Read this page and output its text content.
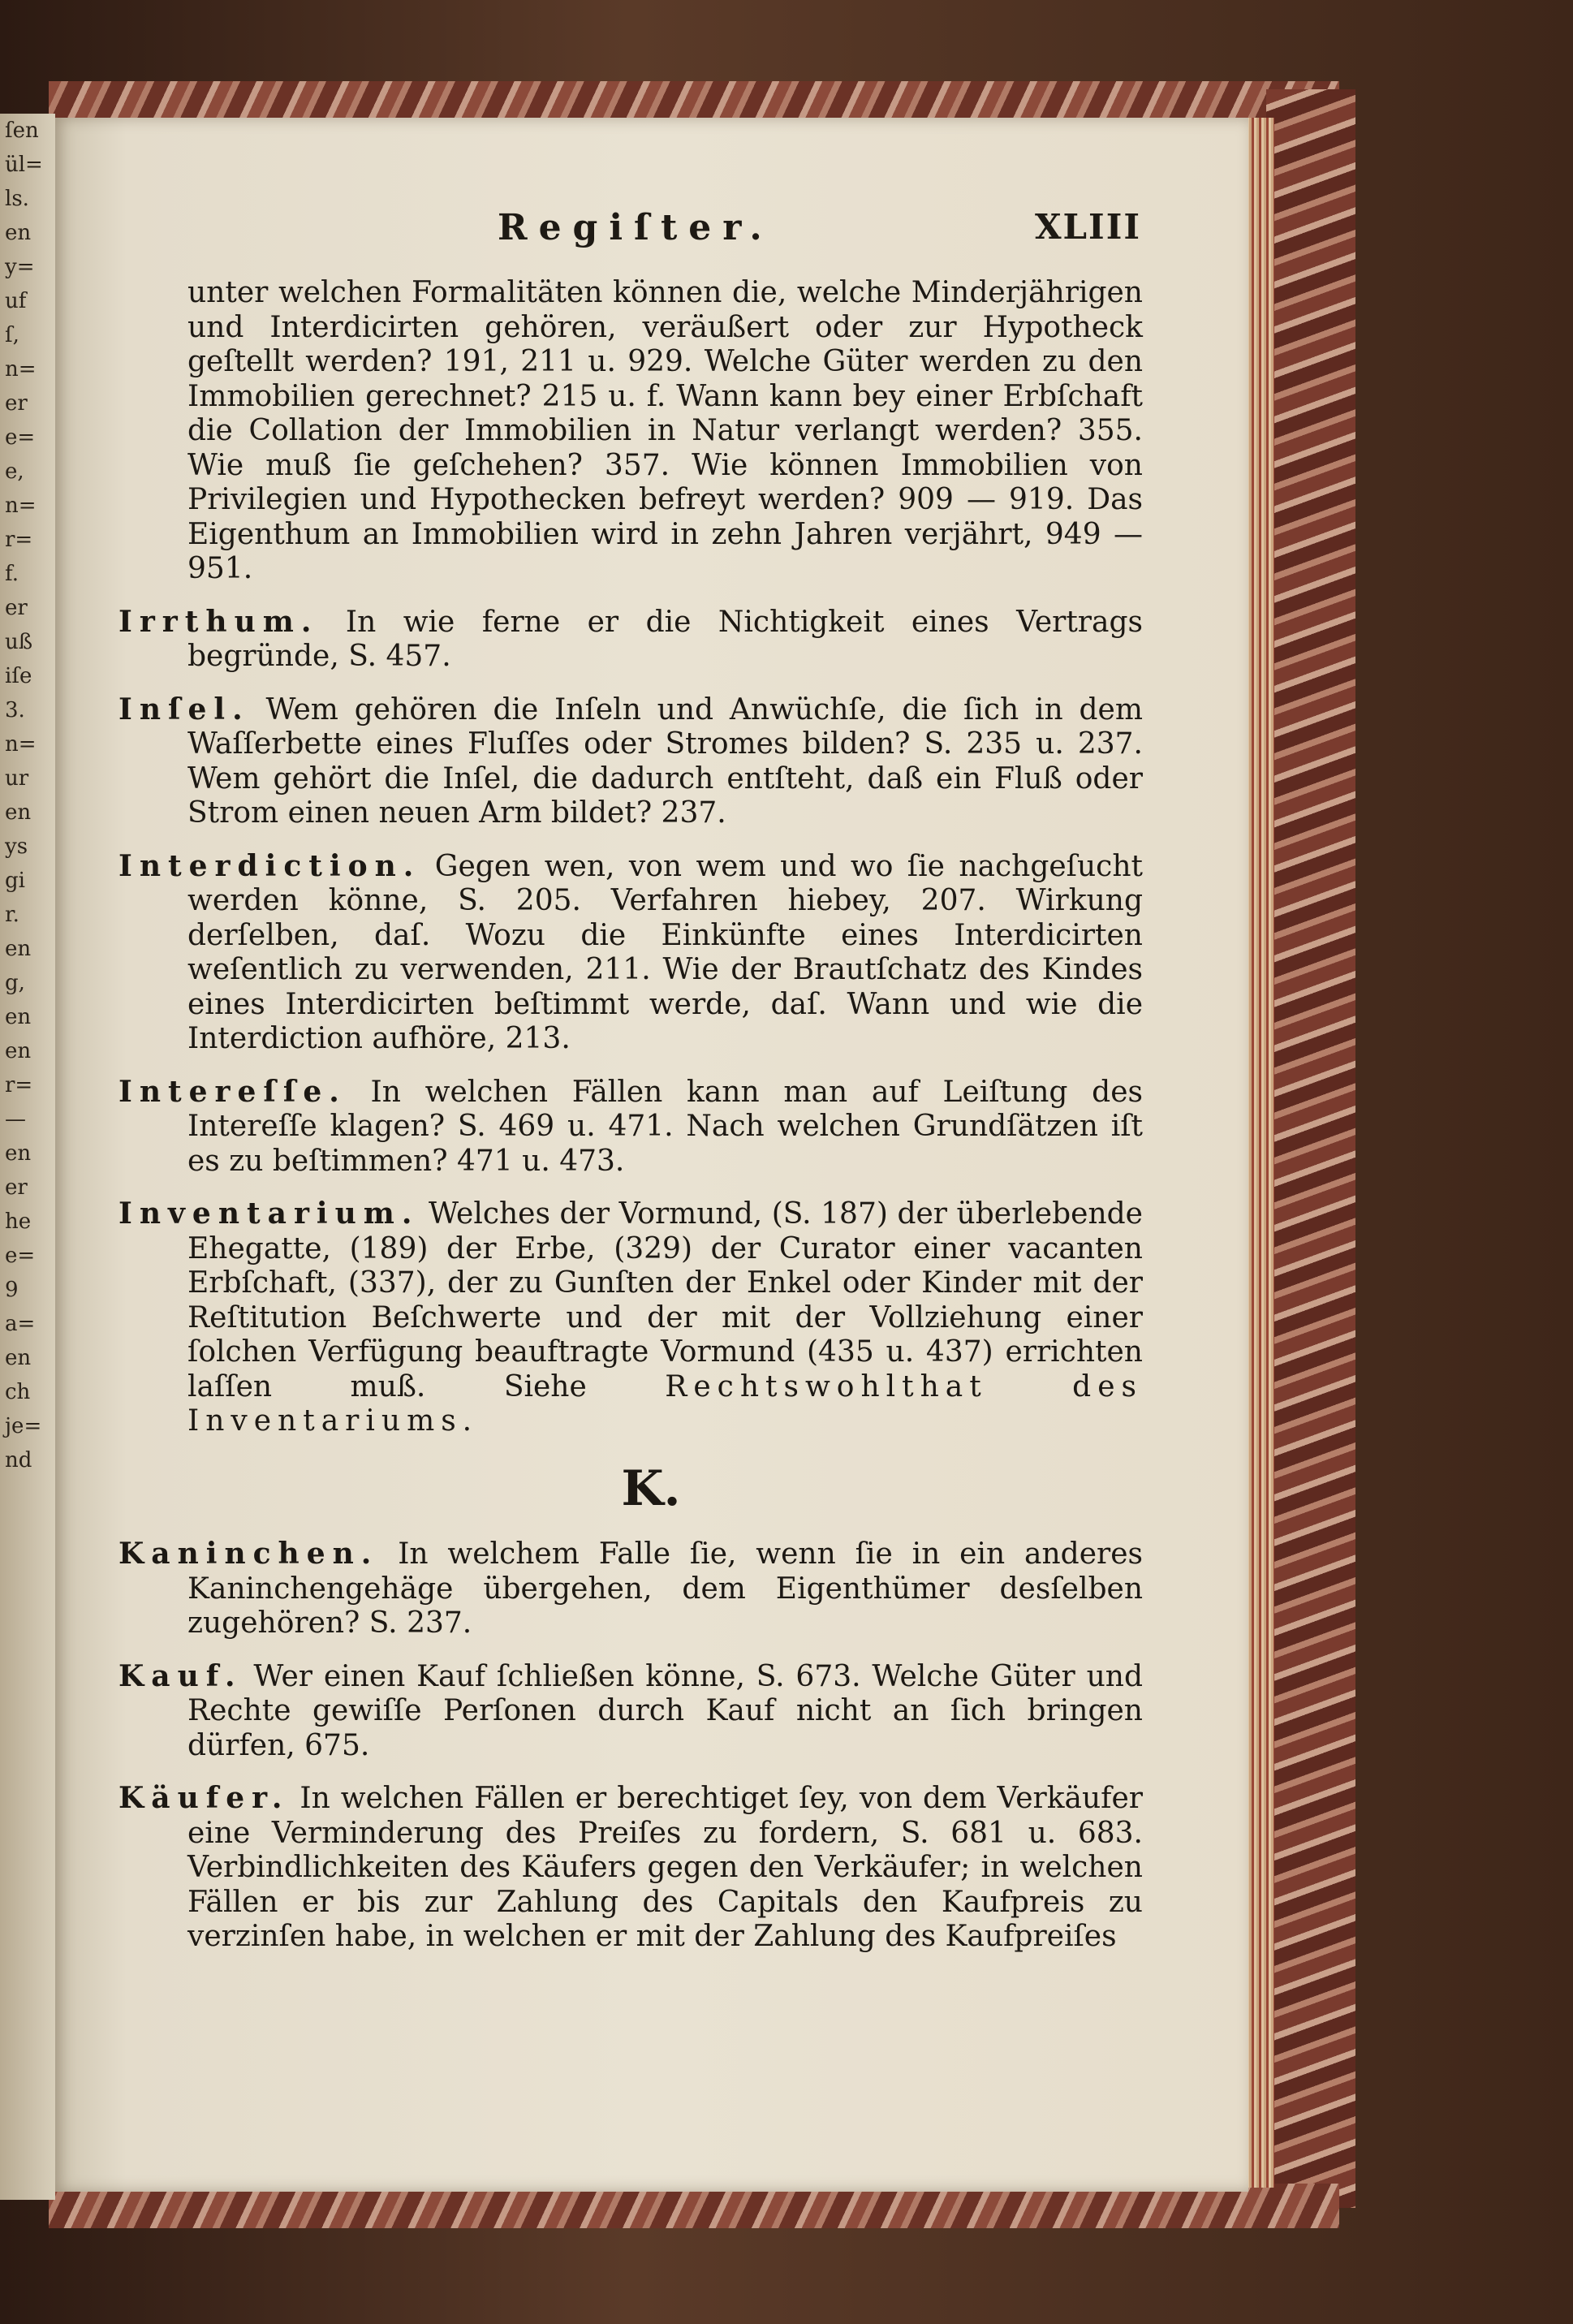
ſen
ül=
ls.
en
y=
uf
ſ,
n=
er
e=
e,
n=
r=
f.
er
uß
iſe
3.
n=
ur
en
ys
gi
r.
en
g,
en
en
r=
—
en
er
he
e=
9
a=
en
ch
je=
nd
Regiſter.	XLIII

unter welchen Formalitäten können die, welche Minderjährigen und Interdicirten gehören, veräußert oder zur Hypotheck geſtellt werden? 191, 211 u. 929. Welche Güter werden zu den Immobilien gerechnet? 215 u. f. Wann kann bey einer Erbſchaft die Collation der Immobilien in Natur verlangt werden? 355. Wie muß ſie geſchehen? 357. Wie können Immobilien von Privilegien und Hypothecken befreyt werden? 909 — 919. Das Eigenthum an Immobilien wird in zehn Jahren verjährt, 949 — 951.

Irrthum. In wie ferne er die Nichtigkeit eines Vertrags begründe, S. 457.

Inſel. Wem gehören die Inſeln und Anwüchſe, die ſich in dem Waſſerbette eines Fluſſes oder Stromes bilden? S. 235 u. 237. Wem gehört die Inſel, die dadurch entſteht, daß ein Fluß oder Strom einen neuen Arm bildet? 237.

Interdiction. Gegen wen, von wem und wo ſie nachgeſucht werden könne, S. 205. Verfahren hiebey, 207. Wirkung derſelben, daſ. Wozu die Einkünfte eines Interdicirten weſentlich zu verwenden, 211. Wie der Brautſchatz des Kindes eines Interdicirten beſtimmt werde, daſ. Wann und wie die Interdiction aufhöre, 213.

Intereſſe. In welchen Fällen kann man auf Leiſtung des Intereſſe klagen? S. 469 u. 471. Nach welchen Grundſätzen iſt es zu beſtimmen? 471 u. 473.

Inventarium. Welches der Vormund, (S. 187) der überlebende Ehegatte, (189) der Erbe, (329) der Curator einer vacanten Erbſchaft, (337), der zu Gunſten der Enkel oder Kinder mit der Reſtitution Beſchwerte und der mit der Vollziehung einer ſolchen Verfügung beauftragte Vormund (435 u. 437) errichten laſſen muß. Siehe	Rechtswohlthat des Inventariums.

K.

Kaninchen. In welchem Falle ſie, wenn ſie in ein anderes Kaninchengehäge übergehen, dem Eigenthümer desſelben zugehören? S. 237.

Kauf. Wer einen Kauf ſchließen könne, S. 673. Welche Güter und Rechte gewiſſe Perſonen durch Kauf nicht an ſich bringen dürfen, 675.

Käufer. In welchen Fällen er berechtiget ſey, von dem Verkäufer eine Verminderung des Preiſes zu fordern, S. 681 u. 683. Verbindlichkeiten des Käufers gegen den Verkäufer; in welchen Fällen er bis zur Zahlung des Capitals den Kaufpreis zu verzinſen habe, in welchen er mit der Zahlung des Kaufpreiſes
